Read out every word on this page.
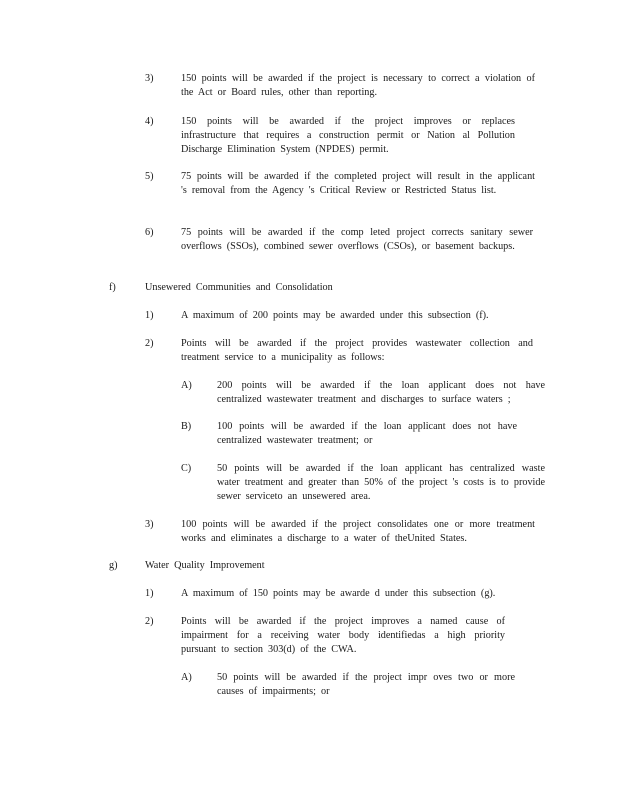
3)	150 points will be awarded if the project is necessary to correct a violation of the Act or Board rules, other than reporting.
4)	150 points will be awarded if the project improves or replaces infrastructure that requires a construction permit or Nation al Pollution Discharge Elimination System (NPDES) permit.
5)	75 points will be awarded if the completed project will result in the applicant 's removal from the Agency 's Critical Review or Restricted Status list.
6)	75 points will be awarded if the comp leted project corrects sanitary sewer overflows (SSOs), combined sewer overflows (CSOs), or basement backups.
f)	Unsewered Communities and Consolidation
1)	A maximum of 200 points may be awarded under this subsection (f).
2)	Points will be awarded if the project provides wastewater collection and treatment service to a municipality as follows:
A)	200 points will be awarded if the loan applicant does not have centralized wastewater treatment and discharges to surface waters ;
B)	100 points will be awarded if the loan applicant does not have centralized wastewater treatment; or
C)	50 points will be awarded if the loan applicant has centralized waste water treatment and greater than 50% of the project 's costs is to provide sewer serviceto an unsewered area.
3)	100 points will be awarded if the project consolidates one or more treatment works and eliminates a discharge to a water of theUnited States.
g)	Water Quality Improvement
1)	A maximum of 150 points may be awarde d under this subsection (g).
2)	Points will be awarded if the project improves a named cause of impairment for a receiving water body identifiedas a high priority pursuant to section 303(d) of the CWA.
A)	50 points will be awarded if the project impr oves two or more causes of impairments; or
